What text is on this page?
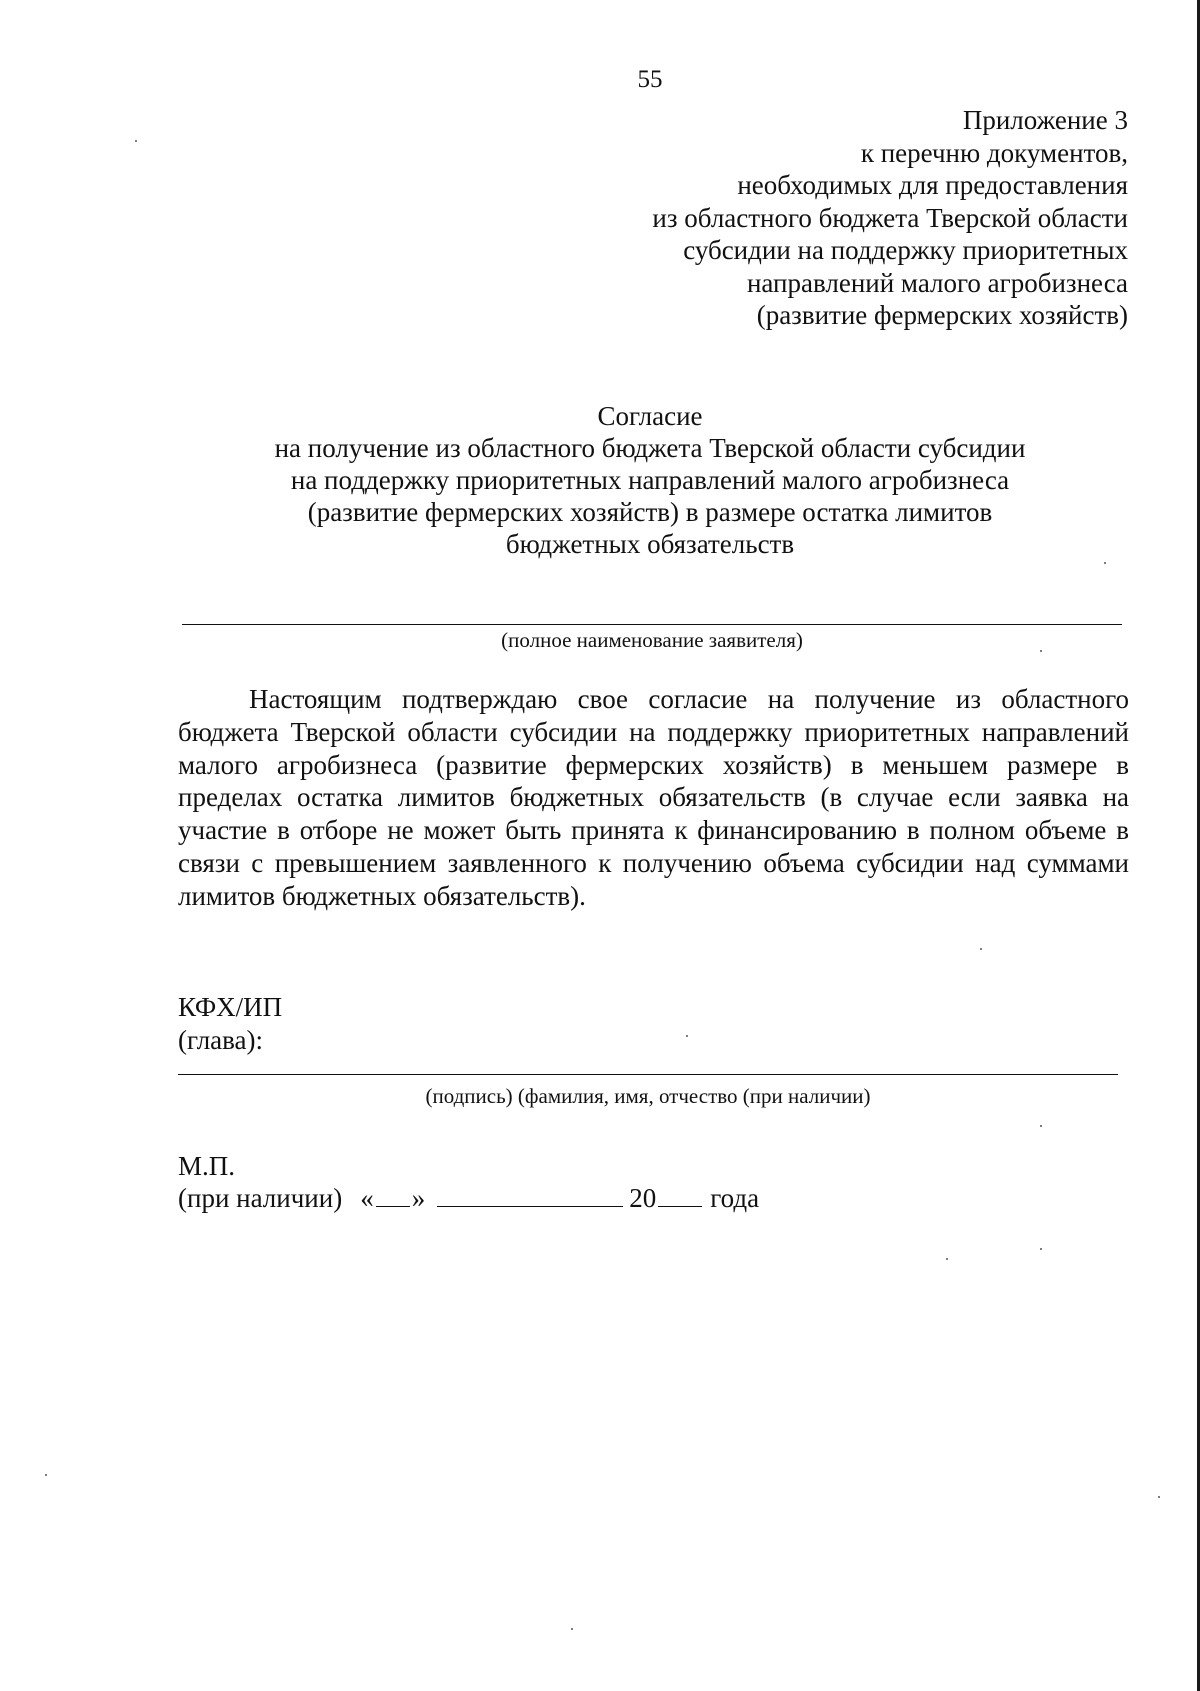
55
Приложение 3
к перечню документов,
необходимых для предоставления
из областного бюджета Тверской области
субсидии на поддержку приоритетных
направлений малого агробизнеса
(развитие фермерских хозяйств)
Согласие
на получение из областного бюджета Тверской области субсидии
на поддержку приоритетных направлений малого агробизнеса
(развитие фермерских хозяйств) в размере остатка лимитов
бюджетных обязательств
(полное наименование заявителя)
Настоящим подтверждаю свое согласие на получение из областного бюджета Тверской области субсидии на поддержку приоритетных направлений малого агробизнеса (развитие фермерских хозяйств) в меньшем размере в пределах остатка лимитов бюджетных обязательств (в случае если заявка на участие в отборе не может быть принята к финансированию в полном объеме в связи с превышением заявленного к получению объема субсидии над суммами лимитов бюджетных обязательств).
КФХ/ИП
(глава):
(подпись) (фамилия, имя, отчество (при наличии)
М.П.
(при наличии) « »	20 года
